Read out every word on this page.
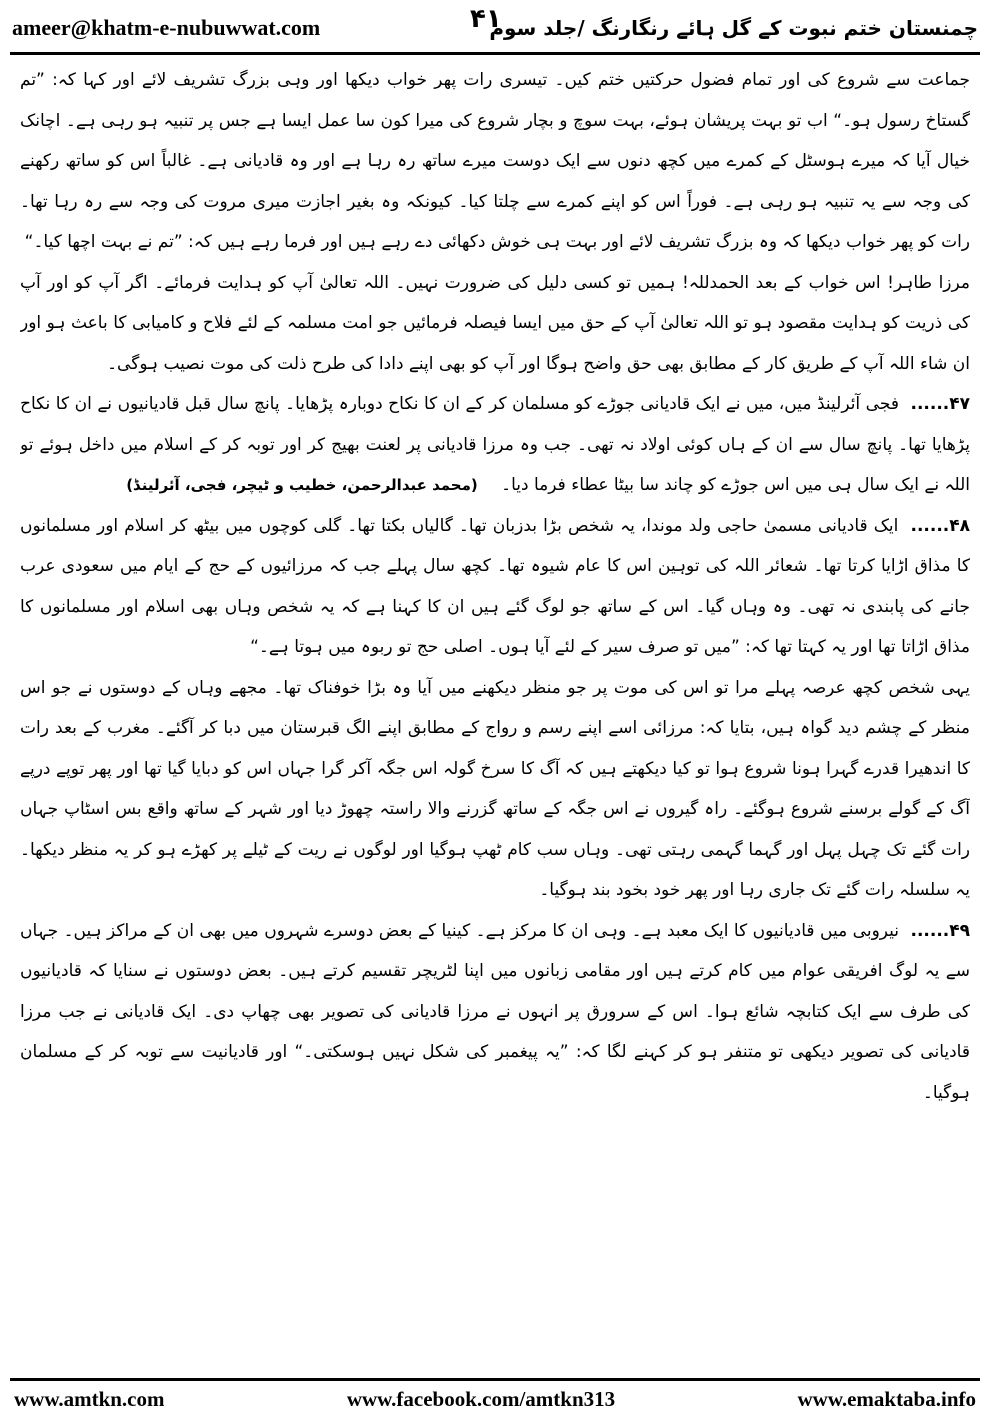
ameer@khatm-e-nubuwwat.com	چمنستان ختم نبوت کے گل ہائے رنگارنگ /جلد سوم
۴۱

جماعت سے شروع کی اور تمام فضول حرکتیں ختم کیں۔ تیسری رات پھر خواب دیکھا اور وہی بزرگ تشریف لائے اور کہا کہ: ”تم گستاخ رسول ہو۔“ اب تو بہت پریشان ہوئے، بہت سوچ و بچار شروع کی میرا کون سا عمل ایسا ہے جس پر تنبیہ ہو رہی ہے۔ اچانک خیال آیا کہ میرے ہوسٹل کے کمرے میں کچھ دنوں سے ایک دوست میرے ساتھ رہ رہا ہے اور وہ قادیانی ہے۔ غالباً اس کو ساتھ رکھنے کی وجہ سے یہ تنبیہ ہو رہی ہے۔ فوراً اس کو اپنے کمرے سے چلتا کیا۔ کیونکہ وہ بغیر اجازت میری مروت کی وجہ سے رہ رہا تھا۔ رات کو پھر خواب دیکھا کہ وہ بزرگ تشریف لائے اور بہت ہی خوش دکھائی دے رہے ہیں اور فرما رہے ہیں کہ: ”تم نے بہت اچھا کیا۔“

مرزا طاہر! اس خواب کے بعد الحمدللہ! ہمیں تو کسی دلیل کی ضرورت نہیں۔ اللہ تعالیٰ آپ کو ہدایت فرمائے۔ اگر آپ کو اور آپ کی ذریت کو ہدایت مقصود ہو تو اللہ تعالیٰ آپ کے حق میں ایسا فیصلہ فرمائیں جو امت مسلمہ کے لئے فلاح و کامیابی کا باعث ہو اور ان شاء اللہ آپ کے طریق کار کے مطابق بھی حق واضح ہوگا اور آپ کو بھی اپنے دادا کی طرح ذلت کی موت نصیب ہوگی۔

۴۷...... فجی آئرلینڈ میں، میں نے ایک قادیانی جوڑے کو مسلمان کر کے ان کا نکاح دوبارہ پڑھایا۔ پانچ سال قبل قادیانیوں نے ان کا نکاح پڑھایا تھا۔ پانچ سال سے ان کے ہاں کوئی اولاد نہ تھی۔ جب وہ مرزا قادیانی پر لعنت بھیج کر اور توبہ کر کے اسلام میں داخل ہوئے تو اللہ نے ایک سال ہی میں اس جوڑے کو چاند سا بیٹا عطاء فرما دیا۔ (محمد عبدالرحمن، خطیب و ٹیچر، فجی، آئرلینڈ)

۴۸...... ایک قادیانی مسمیٰ حاجی ولد موندا، یہ شخص بڑا بدزبان تھا۔ گالیاں بکتا تھا۔ گلی کوچوں میں بیٹھ کر اسلام اور مسلمانوں کا مذاق اڑایا کرتا تھا۔ شعائر اللہ کی توہین اس کا عام شیوہ تھا۔ کچھ سال پہلے جب کہ مرزائیوں کے حج کے ایام میں سعودی عرب جانے کی پابندی نہ تھی۔ وہ وہاں گیا۔ اس کے ساتھ جو لوگ گئے ہیں ان کا کہنا ہے کہ یہ شخص وہاں بھی اسلام اور مسلمانوں کا مذاق اڑاتا تھا اور یہ کہتا تھا کہ: ”میں تو صرف سیر کے لئے آیا ہوں۔ اصلی حج تو ربوہ میں ہوتا ہے۔“

یہی شخص کچھ عرصہ پہلے مرا تو اس کی موت پر جو منظر دیکھنے میں آیا وہ بڑا خوفناک تھا۔ مجھے وہاں کے دوستوں نے جو اس منظر کے چشم دید گواہ ہیں، بتایا کہ: مرزائی اسے اپنے رسم و رواج کے مطابق اپنے الگ قبرستان میں دبا کر آگئے۔ مغرب کے بعد رات کا اندھیرا قدرے گہرا ہونا شروع ہوا تو کیا دیکھتے ہیں کہ آگ کا سرخ گولہ اس جگہ آکر گرا جہاں اس کو دبایا گیا تھا اور پھر توپے درپے آگ کے گولے برسنے شروع ہوگئے۔ راہ گیروں نے اس جگہ کے ساتھ گزرنے والا راستہ چھوڑ دیا اور شہر کے ساتھ واقع بس اسٹاپ جہاں رات گئے تک چہل پہل اور گہما گہمی رہتی تھی۔ وہاں سب کام ٹھپ ہوگیا اور لوگوں نے ریت کے ٹیلے پر کھڑے ہو کر یہ منظر دیکھا۔ یہ سلسلہ رات گئے تک جاری رہا اور پھر خود بخود بند ہوگیا۔

۴۹...... نیروبی میں قادیانیوں کا ایک معبد ہے۔ وہی ان کا مرکز ہے۔ کینیا کے بعض دوسرے شہروں میں بھی ان کے مراکز ہیں۔ جہاں سے یہ لوگ افریقی عوام میں کام کرتے ہیں اور مقامی زبانوں میں اپنا لٹریچر تقسیم کرتے ہیں۔ بعض دوستوں نے سنایا کہ قادیانیوں کی طرف سے ایک کتابچہ شائع ہوا۔ اس کے سرورق پر انہوں نے مرزا قادیانی کی تصویر بھی چھاپ دی۔ ایک قادیانی نے جب مرزا قادیانی کی تصویر دیکھی تو متنفر ہو کر کہنے لگا کہ: ”یہ پیغمبر کی شکل نہیں ہوسکتی۔“ اور قادیانیت سے توبہ کر کے مسلمان ہوگیا۔

www.amtkn.com	www.facebook.com/amtkn313	www.emaktaba.info
